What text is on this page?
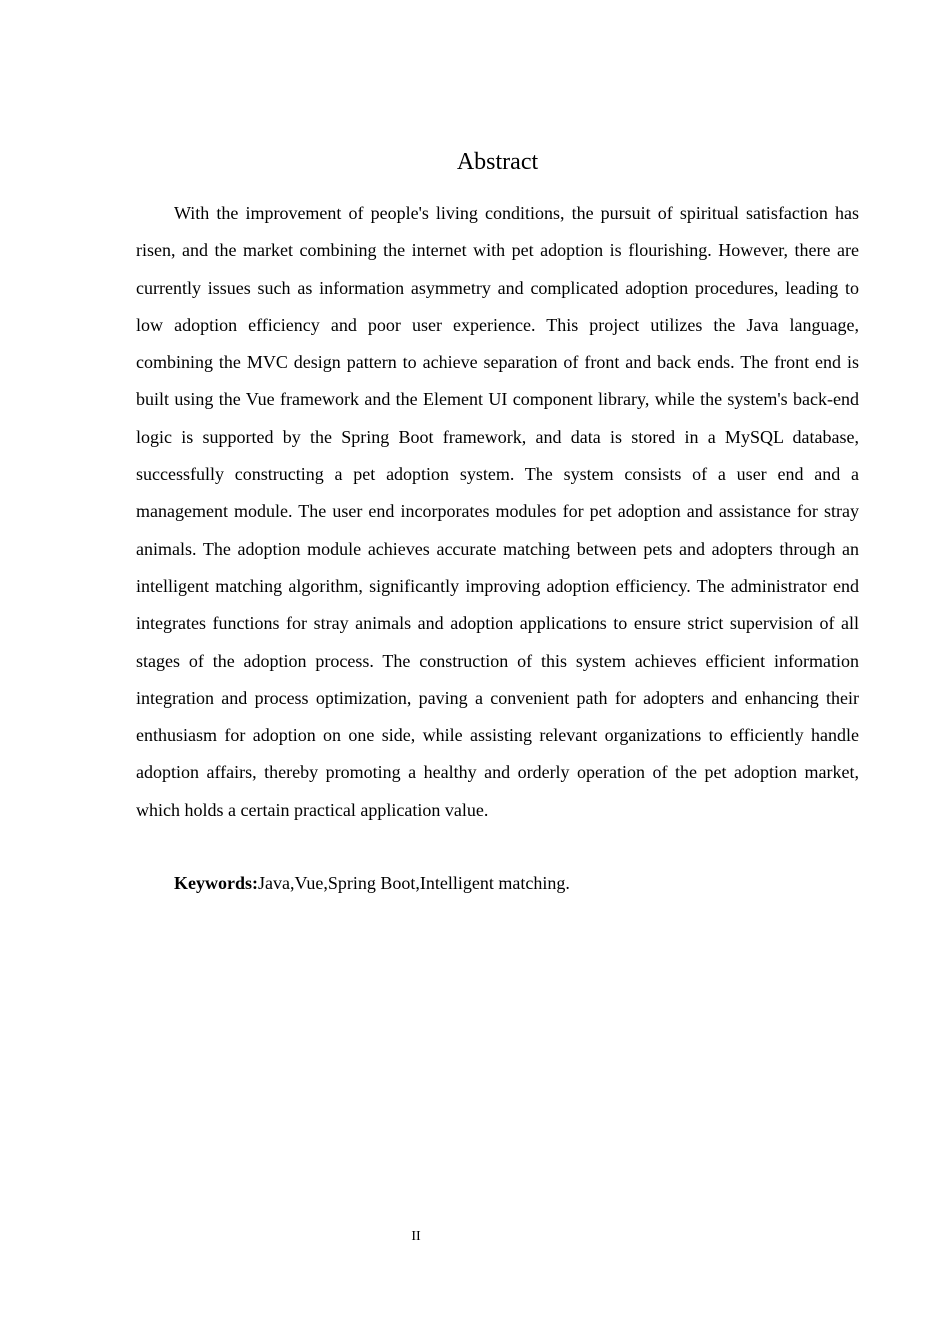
Abstract

With the improvement of people's living conditions, the pursuit of spiritual satisfaction has risen, and the market combining the internet with pet adoption is flourishing. However, there are currently issues such as information asymmetry and complicated adoption procedures, leading to low adoption efficiency and poor user experience. This project utilizes the Java language, combining the MVC design pattern to achieve separation of front and back ends. The front end is built using the Vue framework and the Element UI component library, while the system's back-end logic is supported by the Spring Boot framework, and data is stored in a MySQL database, successfully constructing a pet adoption system. The system consists of a user end and a management module. The user end incorporates modules for pet adoption and assistance for stray animals. The adoption module achieves accurate matching between pets and adopters through an intelligent matching algorithm, significantly improving adoption efficiency. The administrator end integrates functions for stray animals and adoption applications to ensure strict supervision of all stages of the adoption process. The construction of this system achieves efficient information integration and process optimization, paving a convenient path for adopters and enhancing their enthusiasm for adoption on one side, while assisting relevant organizations to efficiently handle adoption affairs, thereby promoting a healthy and orderly operation of the pet adoption market, which holds a certain practical application value.

Keywords:Java,Vue,Spring Boot,Intelligent matching.

II
